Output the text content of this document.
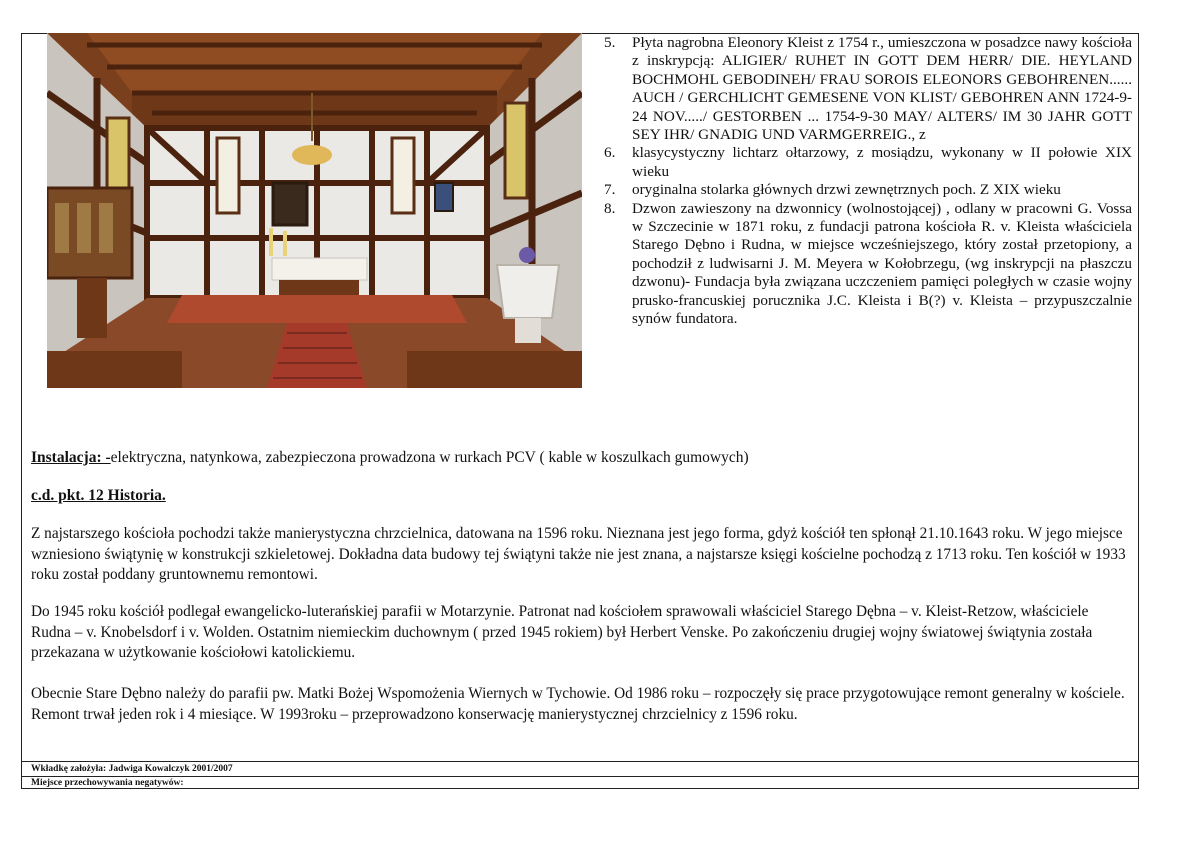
5. Płyta nagrobna Eleonory Kleist z 1754 r., umieszczona w posadzce nawy kościoła z inskrypcją: ALIGIER/ RUHET IN GOTT DEM HERR/ DIE. HEYLAND BOCHMOHL GEBODINEH/ FRAU SOROIS ELEONORS GEBOHRENEN...... AUCH / GERCHLICHT GEMESENE VON KLIST/ GEBOHREN ANN 1724-9-24 NOV...../ GESTORBEN ... 1754-9-30 MAY/ ALTERS/ IM 30 JAHR GOTT SEY IHR/ GNADIG UND VARMGERREIG., z
6. klasycystyczny lichtarz ołtarzowy, z mosiądzu, wykonany w II połowie XIX wieku
7. oryginalna stolarka głównych drzwi zewnętrznych poch. Z XIX wieku
8. Dzwon zawieszony na dzwonnicy (wolnostojącej) , odlany w pracowni G. Vossa w Szczecinie w 1871 roku, z fundacji patrona kościoła R. v. Kleista właściciela Starego Dębno i Rudna, w miejsce wcześniejszego, który został przetopiony, a pochodził z ludwisarni J. M. Meyera w Kołobrzegu, (wg inskrypcji na płaszczu dzwonu)- Fundacja była związana uczczeniem pamięci poległych w czasie wojny prusko-francuskiej porucznika J.C. Kleista i B(?) v. Kleista – przypuszczalnie synów fundatora.
Instalacja: -elektryczna, natynkowa, zabezpieczona prowadzona w rurkach PCV ( kable w koszulkach gumowych)
c.d. pkt. 12 Historia.

Z najstarszego kościoła pochodzi także manierystyczna chrzcielnica, datowana na 1596 roku. Nieznana jest jego forma, gdyż kościół ten spłonął 21.10.1643 roku. W jego miejsce wzniesiono świątynię w konstrukcji szkieletowej. Dokładna data budowy tej świątyni także nie jest znana, a najstarsze księgi kościelne pochodzą z 1713 roku. Ten kościół w 1933 roku został poddany gruntownemu remontowi.

Do 1945 roku kościół podlegał ewangelicko-luterańskiej parafii w Motarzynie. Patronat nad kościołem sprawowali właściciel Starego Dębna – v. Kleist-Retzow, właściciele Rudna – v. Knobelsdorf i v. Wolden. Ostatnim niemieckim duchownym ( przed 1945 rokiem) był Herbert Venske. Po zakończeniu drugiej wojny światowej świątynia została przekazana w użytkowanie kościołowi katolickiemu.

Obecnie Stare Dębno należy do parafii pw. Matki Bożej Wspomożenia Wiernych w Tychowie. Od 1986 roku – rozpoczęły się prace przygotowujące remont generalny w kościele. Remont trwał jeden rok i 4 miesiące. W 1993roku – przeprowadzono konserwację manierystycznej chrzcielnicy z 1596 roku.

Wkładkę założyła: Jadwiga Kowalczyk 2001/2007
Miejsce przechowywania negatywów:
